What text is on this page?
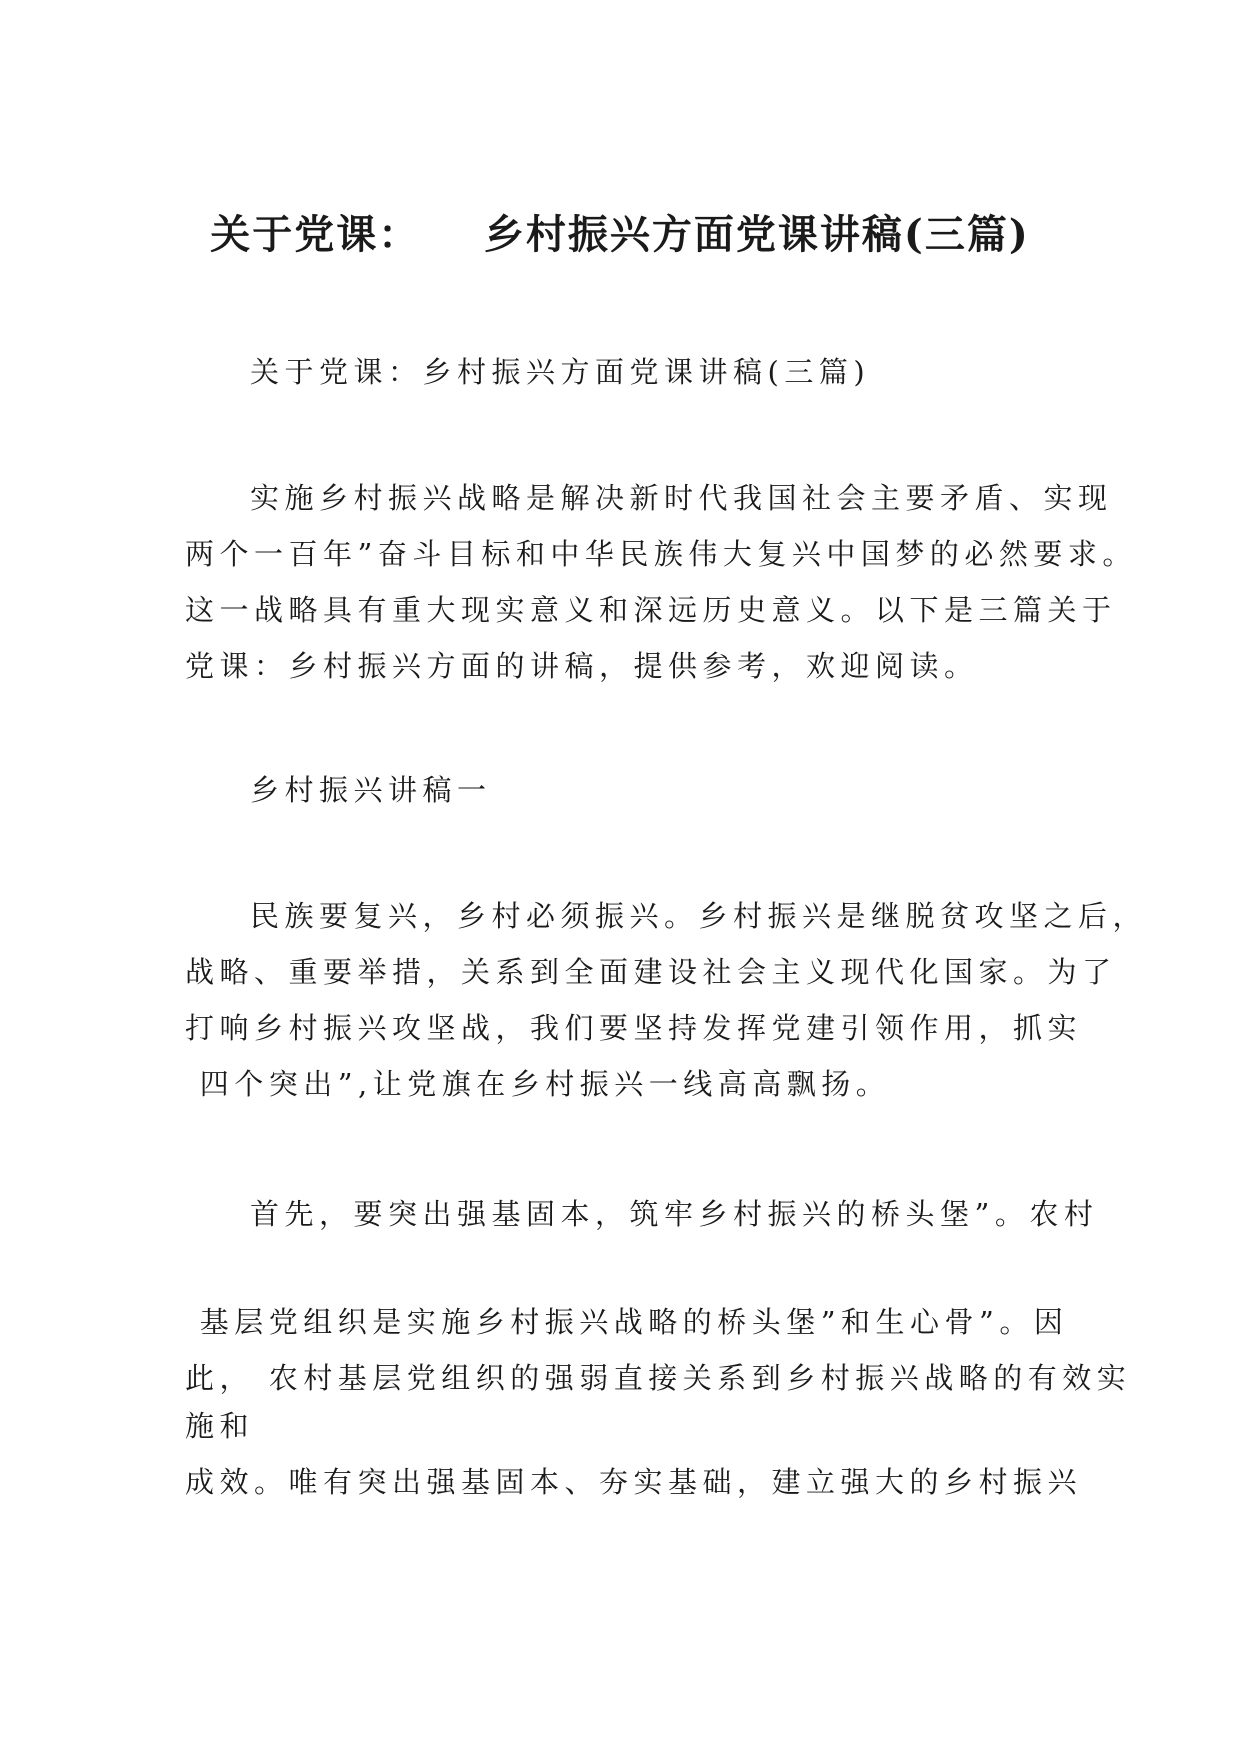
关于党课：    乡村振兴方面党课讲稿(三篇)
关于党课：乡村振兴方面党课讲稿(三篇)
实施乡村振兴战略是解决新时代我国社会主要矛盾、实现
两个一百年”奋斗目标和中华民族伟大复兴中国梦的必然要求。
这一战略具有重大现实意义和深远历史意义。以下是三篇关于
党课：乡村振兴方面的讲稿，提供参考，欢迎阅读。
乡村振兴讲稿一
民族要复兴，乡村必须振兴。乡村振兴是继脱贫攻坚之后，
战略、重要举措，关系到全面建设社会主义现代化国家。为了
打响乡村振兴攻坚战，我们要坚持发挥党建引领作用，抓实
四个突出”,让党旗在乡村振兴一线高高飘扬。
首先，要突出强基固本，筑牢乡村振兴的桥头堡”。农村
基层党组织是实施乡村振兴战略的桥头堡”和生心骨”。因
此， 农村基层党组织的强弱直接关系到乡村振兴战略的有效实
施和
成效。唯有突出强基固本、夯实基础，建立强大的乡村振兴
